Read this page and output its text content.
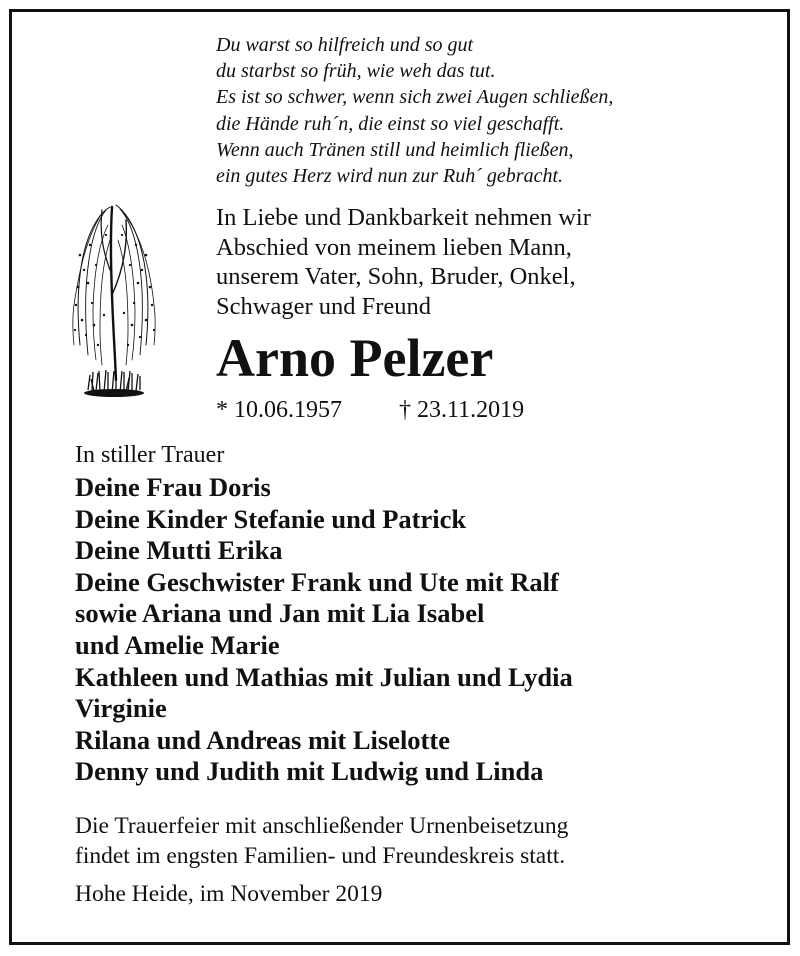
Du warst so hilfreich und so gut
du starbst so früh, wie weh das tut.
Es ist so schwer, wenn sich zwei Augen schließen,
die Hände ruh´n, die einst so viel geschafft.
Wenn auch Tränen still und heimlich fließen,
ein gutes Herz wird nun zur Ruh´ gebracht.
In Liebe und Dankbarkeit nehmen wir
Abschied von meinem lieben Mann,
unserem Vater, Sohn, Bruder, Onkel,
Schwager und Freund
Arno Pelzer
* 10.06.1957 † 23.11.2019
In stiller Trauer
Deine Frau Doris
Deine Kinder Stefanie und Patrick
Deine Mutti Erika
Deine Geschwister Frank und Ute mit Ralf
sowie Ariana und Jan mit Lia Isabel
und Amelie Marie
Kathleen und Mathias mit Julian und Lydia
Virginie
Rilana und Andreas mit Liselotte
Denny und Judith mit Ludwig und Linda
Die Trauerfeier mit anschließender Urnenbeisetzung
findet im engsten Familien- und Freundeskreis statt.
Hohe Heide, im November 2019
